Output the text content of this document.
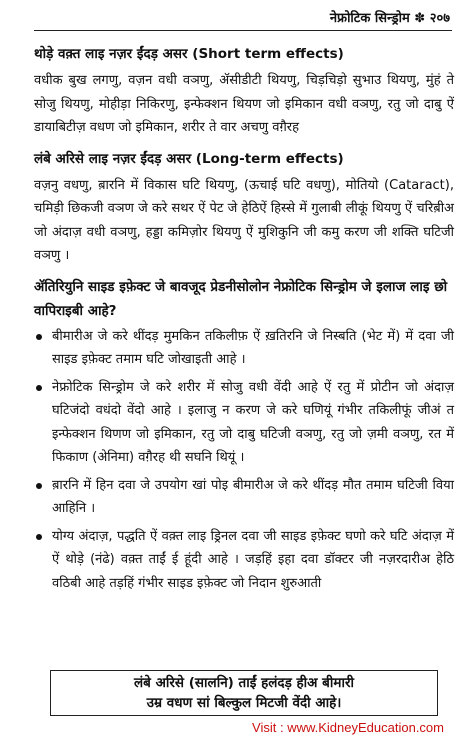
नेफ्रोटिक सिन्ड्रोम ✽ २०७
थोड़े वक़्त लाइ नज़र ईंदड़ असर (Short term effects)

वधीक बुख लगणु, वज़न वधी वञणु, ॲसीडीटी थियणु, चिड़चिड़ो सुभाउ थियणु, मुंहं ते सोजु थियणु, मोहीड़ा निकिरणु, इन्फेक्शन थियण जो इमिकान वधी वञणु, रतु जो दाबु ऐं डायाबिटीज़ वधण जो इमिकान, शरीर ते वार अचणु वग़ैरह

लंबे अरिसे लाइ नज़र ईंदड़ असर (Long-term effects)

वज़नु वधणु, ब़ारनि में विकास घटि थियणु, (ऊचाई घटि वधणु), मोतियो (Cataract), चमिड़ी छिकजी वञण जे करे सथर ऐं पेट जे हेठिऐं हिस्से में गुलाबी लीकूं थियणु ऐं चरिब़ीअ जो अंदाज़ वधी वञणु, हड्डा कमिज़ोर थियणु ऐं मुशिकुनि जी कमु करण जी शक्ति घटिजी वञणु ।

ॲतिरियुनि साइड इफ़ेक्ट जे बावजूद प्रेडनीसोलोन नेफ्रोटिक सिन्ड्रोम जे इलाज लाइ छो वापिराइबी आहे?
बीमारीअ जे करे थींदड़ मुमकिन तकिलीफ़ ऐं ख़तिरनि जे निस्बति (भेट में) में दवा जी साइड इफ़ेक्ट तमाम घटि जोखाइती आहे ।
नेफ्रोटिक सिन्ड्रोम जे करे शरीर में सोजु वधी वेंदी आहे ऐं रतु में प्रोटीन जो अंदाज़ घटिजंदो वधंदो वेंदो आहे । इलाजु न करण जे करे घणियूं गंभीर तकिलीफूं जीअं त इन्फेक्शन थिणण जो इमिकान, रतु जो दाबु घटिजी वञणु, रतु जो ज़मी वञणु, रत में फिकाण (अेनिमा) वग़ैरह थी सघनि थियूं ।
ब़ारनि में हिन दवा जे उपयोग खां पोइ बीमारीअ जे करे थींदड़ मौत तमाम घटिजी विया आहिनि ।
योग्य अंदाज़, पद्धति ऐं वक़्त लाइ ड्रिनल दवा जी साइड इफ़ेक्ट घणो करे घटि अंदाज़ में ऐं थोड़े (नंढे) वक़्त ताईं ई हूंदी आहे । जड़हिं इहा दवा डॉक्टर जी नज़रदारीअ हेठि वठिबी आहे तड़हिं गंभीर साइड इफ़ेक्ट जो निदान शुरुआती
लंबे अरिसे (सालनि) ताईं हलंदड़ हीअ बीमारी
उम्र वधण सां बिल्कुल मिटजी वेंदी आहे।
Visit : www.KidneyEducation.com
